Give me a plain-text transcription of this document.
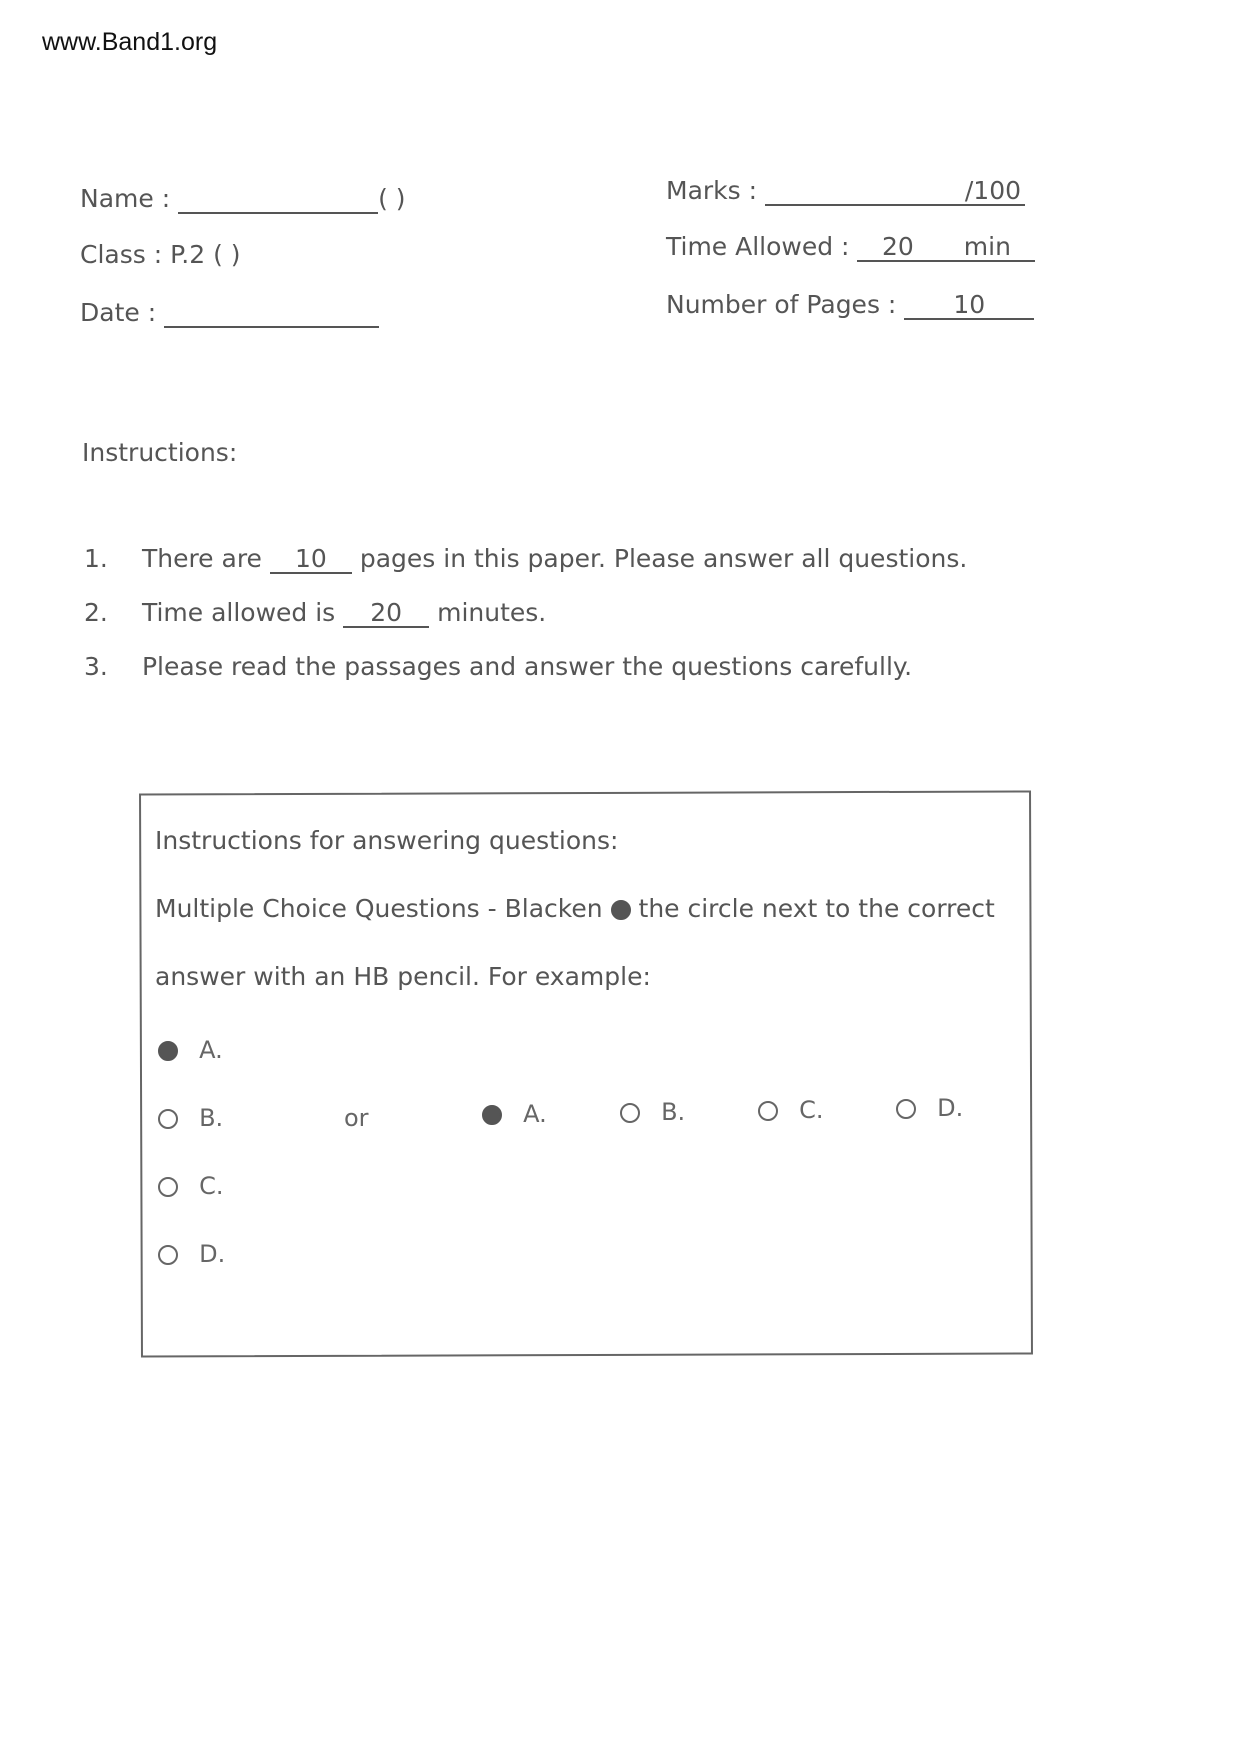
www.Band1.org
Name :	( )
Class : P.2 ( )
Date :
Marks :	/100
Time Allowed : 20 min
Number of Pages : 10
Instructions:
1. There are 10 pages in this paper. Please answer all questions.
2. Time allowed is 20 minutes.
3. Please read the passages and answer the questions carefully.
Instructions for answering questions:
Multiple Choice Questions - Blacken the circle next to the correct
answer with an HB pencil. For example:
A.
B.
C.
D.
or	A.	B.	C.	D.
